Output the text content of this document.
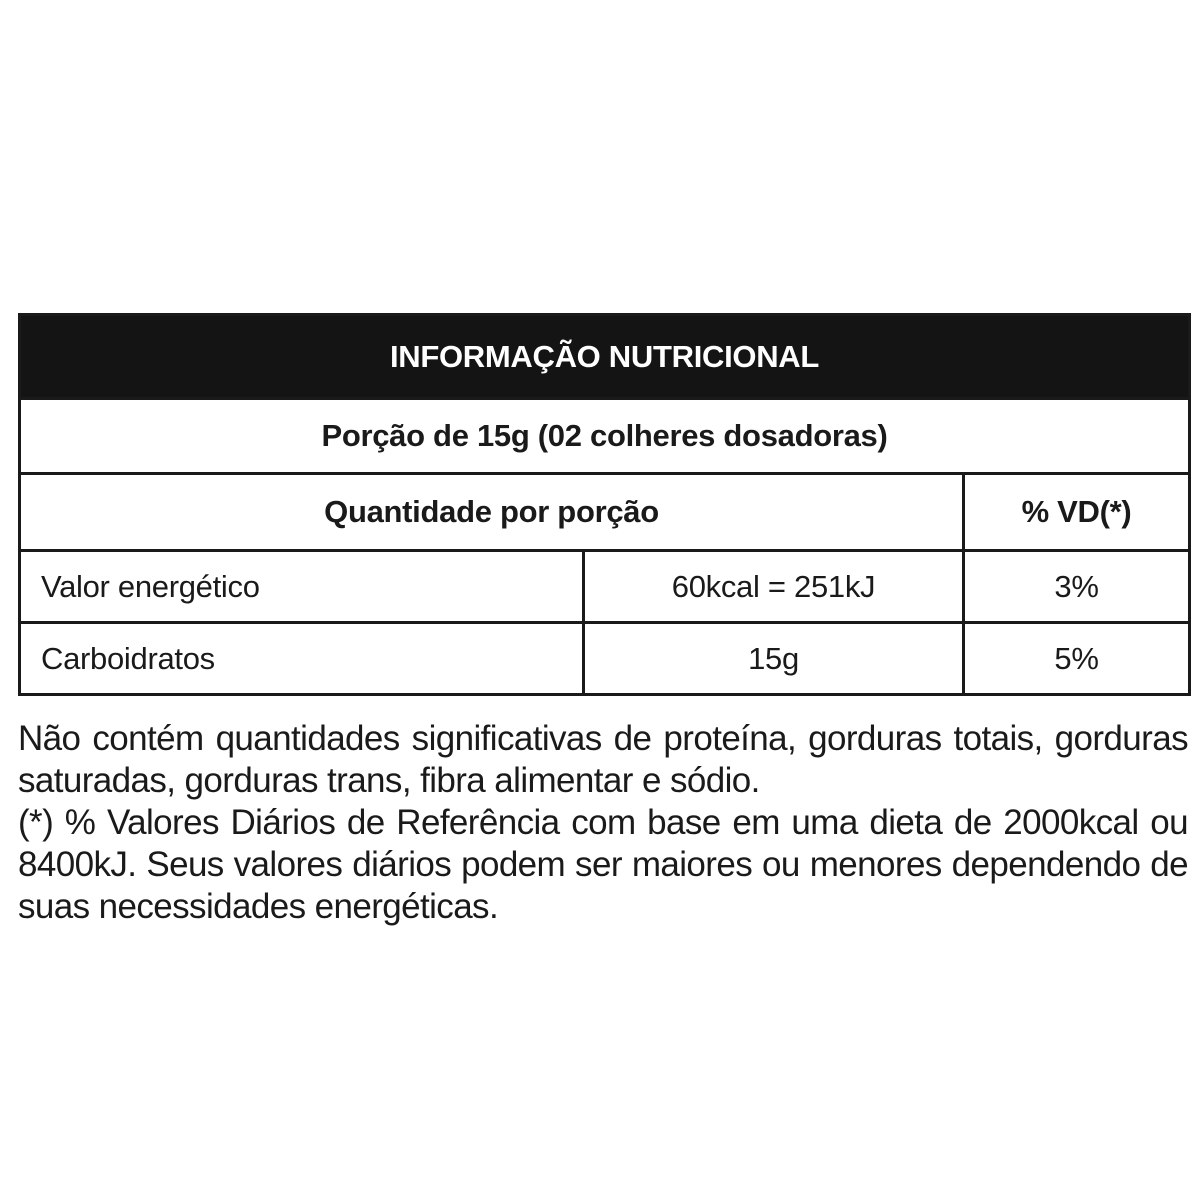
INFORMAÇÃO NUTRICIONAL		
Porção de 15g (02 colheres dosadoras)		
Quantidade por porção		% VD(*)
Valor energético	60kcal = 251kJ	3%
Carboidratos	15g	5%

Não contém quantidades significativas de proteína, gorduras totais, gorduras saturadas, gorduras trans, fibra alimentar e sódio.

(*) % Valores Diários de Referência com base em uma dieta de 2000kcal ou 8400kJ. Seus valores diários podem ser maiores ou menores dependendo de suas necessidades energéticas.
